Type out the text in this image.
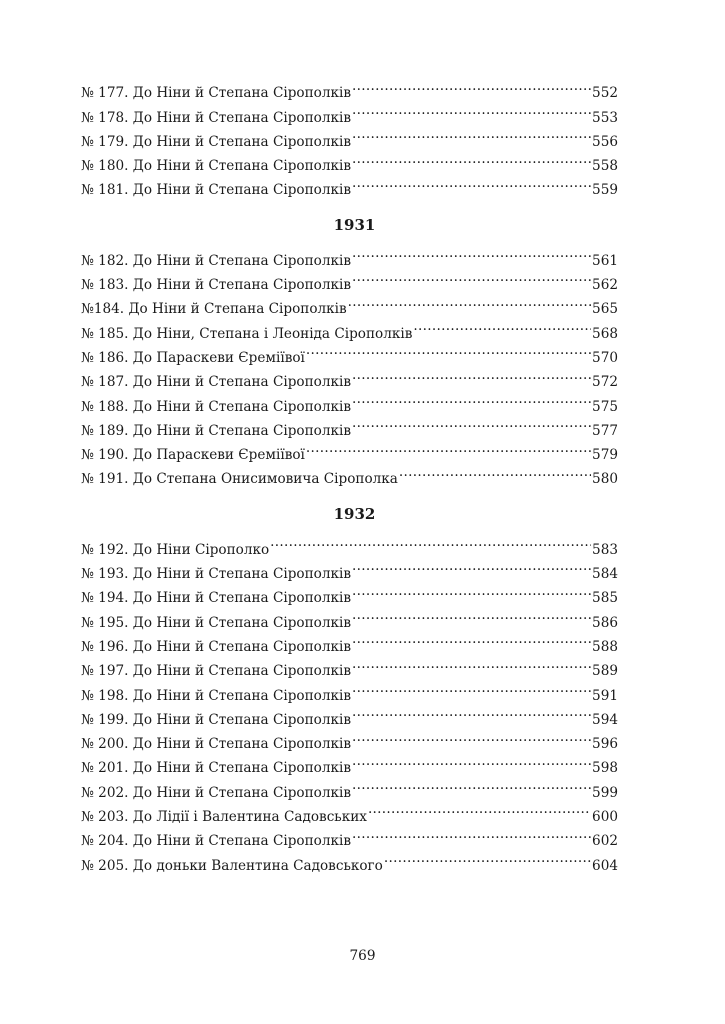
№ 177. До Ніни й Степана Сірополків .....	552
№ 178. До Ніни й Степана Сірополків .....	553
№ 179. До Ніни й Степана Сірополків .....	556
№ 180. До Ніни й Степана Сірополків .....	558
№ 181. До Ніни й Степана Сірополків .....	559
1931
№ 182. До Ніни й Степана Сірополків .....	561
№ 183. До Ніни й Степана Сірополків .....	562
№184. До Ніни й Степана Сірополків .....	565
№ 185. До Ніни, Степана і Леоніда Сірополків .....	568
№ 186. До Параскеви Єреміївої .....	570
№ 187. До Ніни й Степана Сірополків .....	572
№ 188. До Ніни й Степана Сірополків .....	575
№ 189. До Ніни й Степана Сірополків .....	577
№ 190. До Параскеви Єреміївої .....	579
№ 191. До Степана Онисимовича Сірополка .....	580
1932
№ 192. До Ніни Сірополко .....	583
№ 193. До Ніни й Степана Сірополків .....	584
№ 194. До Ніни й Степана Сірополків .....	585
№ 195. До Ніни й Степана Сірополків .....	586
№ 196. До Ніни й Степана Сірополків .....	588
№ 197. До Ніни й Степана Сірополків .....	589
№ 198. До Ніни й Степана Сірополків .....	591
№ 199. До Ніни й Степана Сірополків .....	594
№ 200. До Ніни й Степана Сірополків .....	596
№ 201. До Ніни й Степана Сірополків .....	598
№ 202. До Ніни й Степана Сірополків .....	599
№ 203. До Лідії і Валентина Садовських .....	600
№ 204. До Ніни й Степана Сірополків .....	602
№ 205. До доньки Валентина Садовського .....	604
769
